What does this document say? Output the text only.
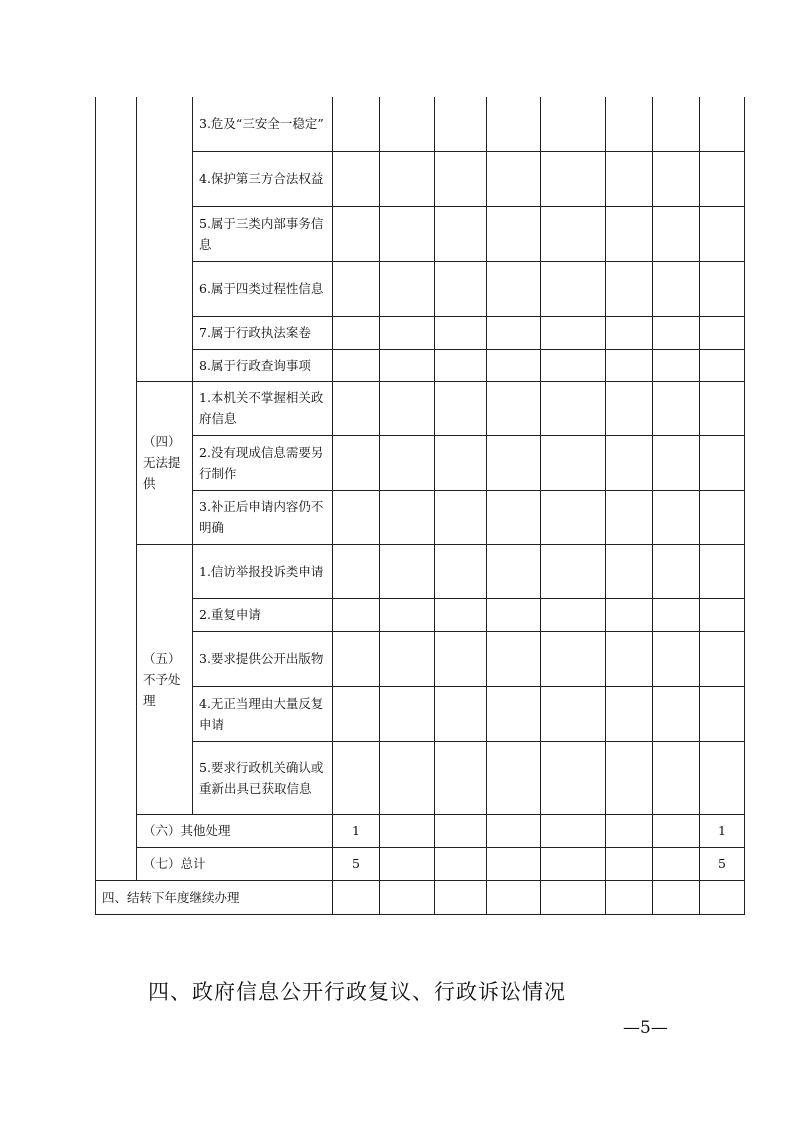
		3.危及“三安全一稳定”								
		4.保护第三方合法权益								
		5.属于三类内部事务信息								
		6.属于四类过程性信息								
		7.属于行政执法案卷								
		8.属于行政查询事项								
	（四）无法提供	1.本机关不掌握相关政府信息								
		2.没有现成信息需要另行制作								
		3.补正后申请内容仍不明确								
	（五）不予处理	1.信访举报投诉类申请								
		2.重复申请								
		3.要求提供公开出版物								
		4.无正当理由大量反复申请								
		5.要求行政机关确认或重新出具已获取信息								
	（六）其他处理		1							1
	（七）总计		5							5
四、结转下年度继续办理										
四、政府信息公开行政复议、行政诉讼情况
—5—
